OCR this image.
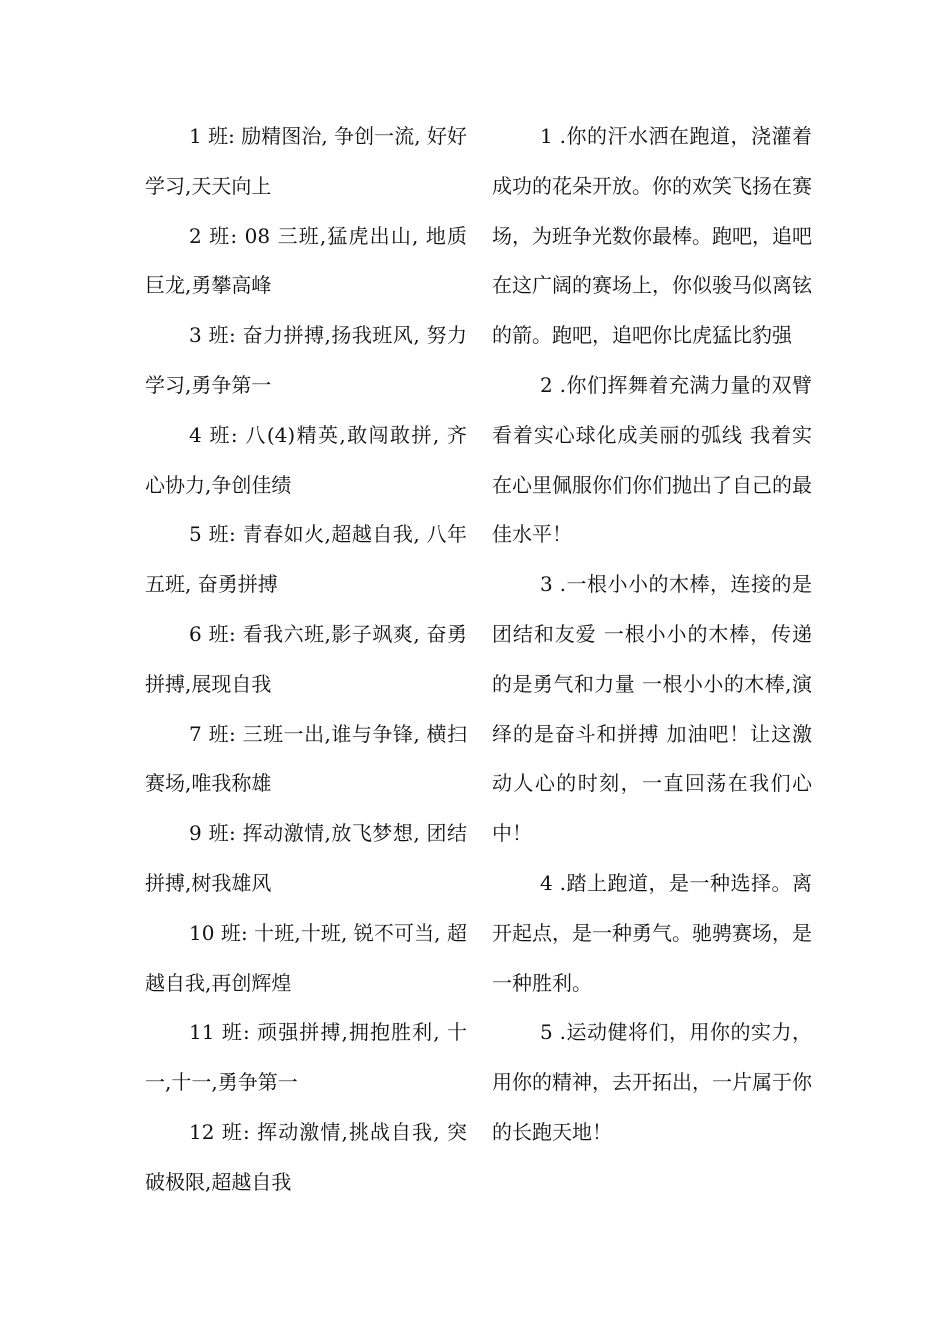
1 班: 励精图治, 争创一流, 好好学习,天天向上

2 班: 08 三班,猛虎出山, 地质巨龙,勇攀高峰

3 班: 奋力拼搏,扬我班风, 努力学习,勇争第一

4 班: 八(4)精英,敢闯敢拼, 齐心协力,争创佳绩

5 班: 青春如火,超越自我, 八年五班, 奋勇拼搏

6 班: 看我六班,影子飒爽, 奋勇拼搏,展现自我

7 班: 三班一出,谁与争锋, 横扫赛场,唯我称雄

9 班: 挥动激情,放飞梦想, 团结拼搏,树我雄风

10 班: 十班,十班, 锐不可当, 超越自我,再创辉煌

11 班: 顽强拼搏,拥抱胜利, 十一,十一,勇争第一

12 班: 挥动激情,挑战自我, 突破极限,超越自我

1 .你的汗水洒在跑道，浇灌着成功的花朵开放。你的欢笑飞扬在赛场，为班争光数你最棒。跑吧，追吧 在这广阔的赛场上，你似骏马似离铉的箭。跑吧，追吧你比虎猛比豹强

2 .你们挥舞着充满力量的双臂 看着实心球化成美丽的弧线 我着实在心里佩服你们你们抛出了自己的最佳水平！

3 .一根小小的木棒，连接的是团结和友爱 一根小小的木棒，传递的是勇气和力量 一根小小的木棒,演绎的是奋斗和拼搏 加油吧！让这激动人心的时刻，一直回荡在我们心中！

4 .踏上跑道，是一种选择。离开起点，是一种勇气。驰骋赛场，是一种胜利。

5 .运动健将们，用你的实力，用你的精神，去开拓出，一片属于你的长跑天地！
